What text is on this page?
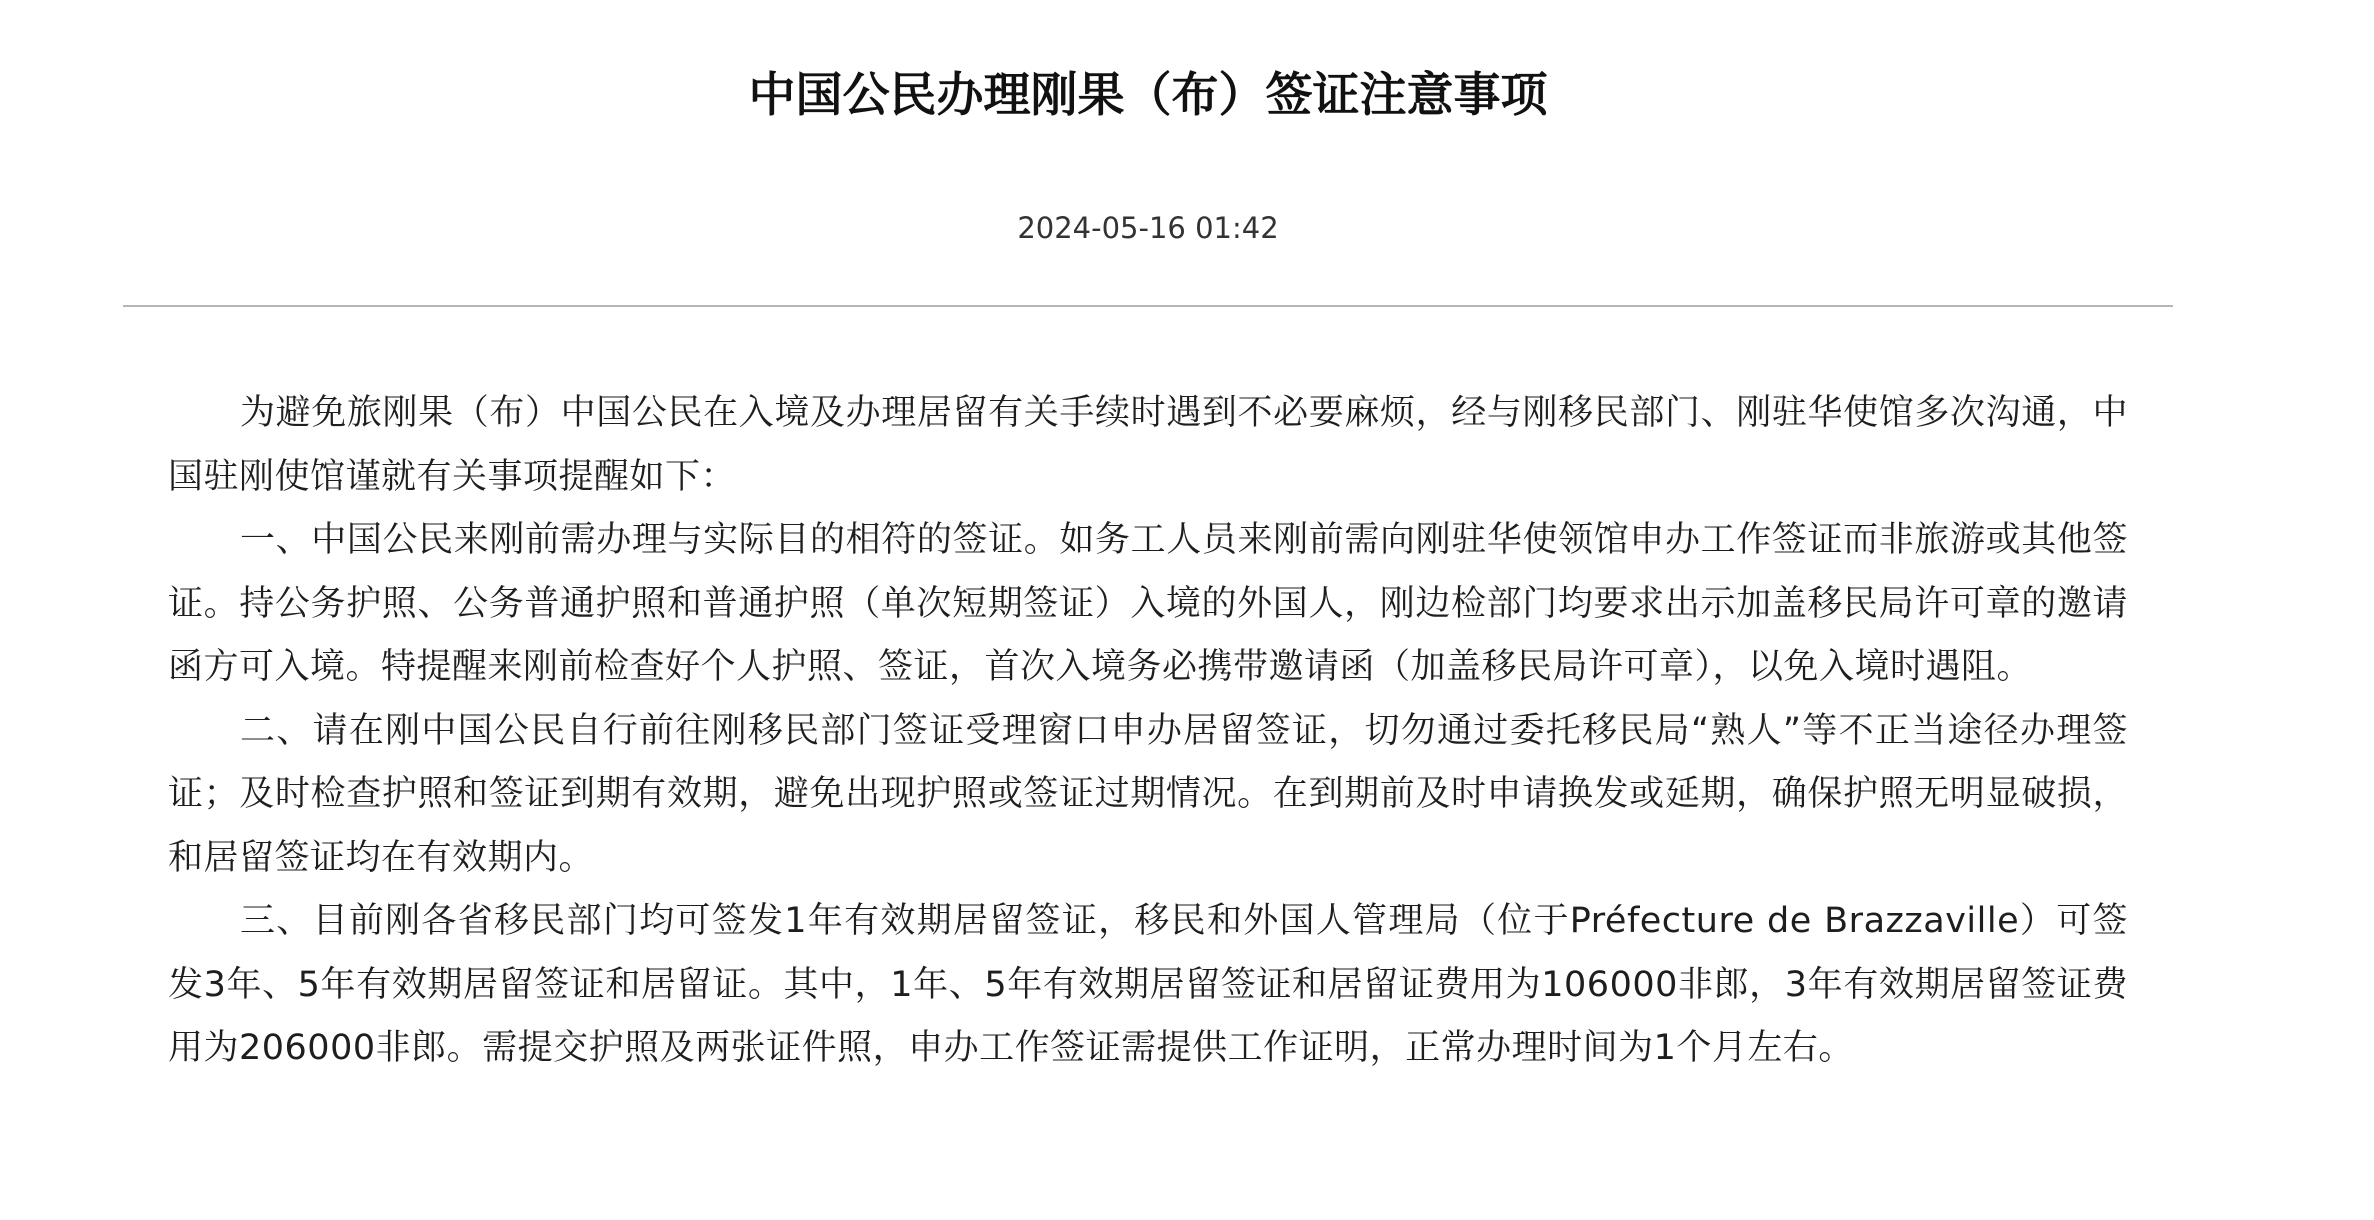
中国公民办理刚果（布）签证注意事项
2024-05-16 01:42

为避免旅刚果（布）中国公民在入境及办理居留有关手续时遇到不必要麻烦，经与刚移民部门、刚驻华使馆多次沟通，中国驻刚使馆谨就有关事项提醒如下：

一、中国公民来刚前需办理与实际目的相符的签证。如务工人员来刚前需向刚驻华使领馆申办工作签证而非旅游或其他签证。持公务护照、公务普通护照和普通护照（单次短期签证）入境的外国人，刚边检部门均要求出示加盖移民局许可章的邀请函方可入境。特提醒来刚前检查好个人护照、签证，首次入境务必携带邀请函（加盖移民局许可章），以免入境时遇阻。

二、请在刚中国公民自行前往刚移民部门签证受理窗口申办居留签证，切勿通过委托移民局“熟人”等不正当途径办理签证；及时检查护照和签证到期有效期，避免出现护照或签证过期情况。在到期前及时申请换发或延期，确保护照无明显破损，和居留签证均在有效期内。

三、目前刚各省移民部门均可签发1年有效期居留签证，移民和外国人管理局（位于Préfecture de Brazzaville）可签发3年、5年有效期居留签证和居留证。其中，1年、5年有效期居留签证和居留证费用为106000非郎，3年有效期居留签证费用为206000非郎。需提交护照及两张证件照，申办工作签证需提供工作证明，正常办理时间为1个月左右。
